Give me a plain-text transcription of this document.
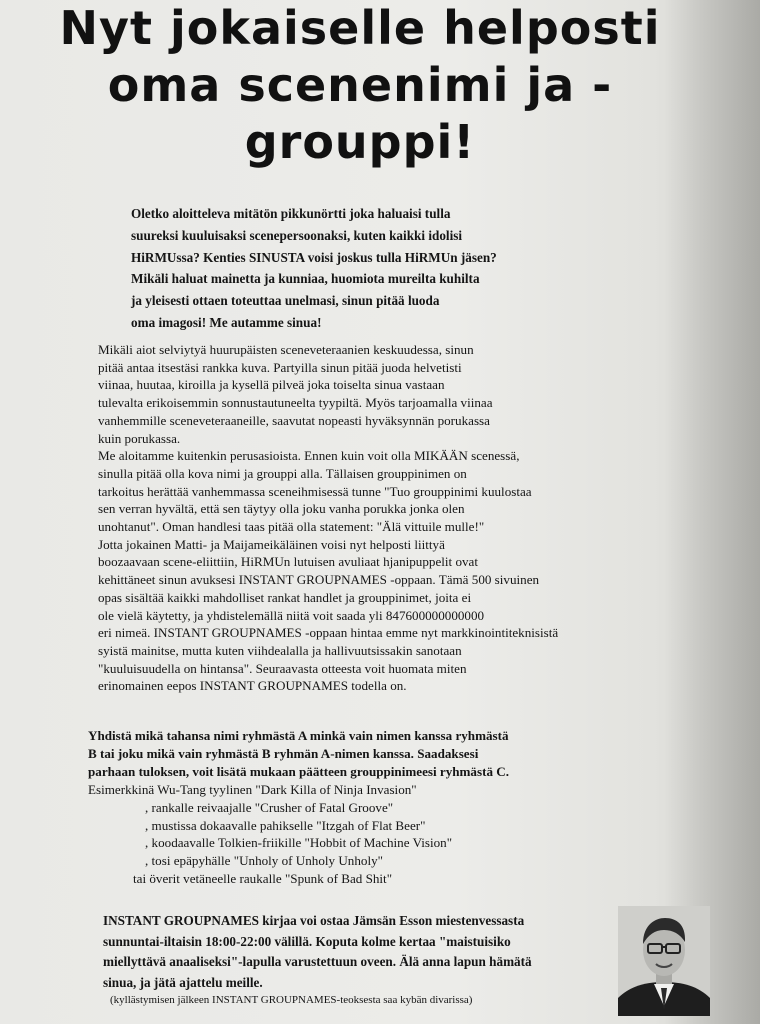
Nyt jokaiselle helposti
oma scenenimi ja -
grouppi!
Oletko aloitteleva mitätön pikkunörtti joka haluaisi tulla
suureksi kuuluisaksi scenepersoonaksi, kuten kaikki idolisi
HiRMUssa? Kenties SINUSTA voisi joskus tulla HiRMUn jäsen?
Mikäli haluat mainetta ja kunniaa, huomiota mureilta kuhilta
ja yleisesti ottaen toteuttaa unelmasi, sinun pitää luoda
oma imagosi! Me autamme sinua!

Mikäli aiot selviytyä huurupäisten sceneveteraanien keskuudessa, sinun
pitää antaa itsestäsi rankka kuva. Partyilla sinun pitää juoda helvetisti
viinaa, huutaa, kiroilla ja kysellä pilveä joka toiselta sinua vastaan
tulevalta erikoisemmin sonnustautuneelta tyypiltä. Myös tarjoamalla viinaa
vanhemmille sceneveteraaneille, saavutat nopeasti hyväksynnän porukassa
kuin porukassa.

Me aloitamme kuitenkin perusasioista. Ennen kuin voit olla MIKÄÄN scenessä,
sinulla pitää olla kova nimi ja grouppi alla. Tällaisen grouppinimen on
tarkoitus herättää vanhemmassa sceneihmisessä tunne "Tuo grouppinimi kuulostaa
sen verran hyvältä, että sen täytyy olla joku vanha porukka jonka olen
unohtanut". Oman handlesi taas pitää olla statement: "Älä vittuile mulle!"

Jotta jokainen Matti- ja Maijameikäläinen voisi nyt helposti liittyä
boozaavaan scene-eliittiin, HiRMUn lutuisen avuliaat hjanipuppelit ovat
kehittäneet sinun avuksesi INSTANT GROUPNAMES -oppaan. Tämä 500 sivuinen
opas sisältää kaikki mahdolliset rankat handlet ja grouppinimet, joita ei
ole vielä käytetty, ja yhdistelemällä niitä voit saada yli 847600000000000
eri nimeä. INSTANT GROUPNAMES -oppaan hintaa emme nyt markkinointiteknisistä
syistä mainitse, mutta kuten viihdealalla ja hallivuutsissakin sanotaan
"kuuluisuudella on hintansa". Seuraavasta otteesta voit huomata miten
erinomainen eepos INSTANT GROUPNAMES todella on.

Yhdistä mikä tahansa nimi ryhmästä A minkä vain nimen kanssa ryhmästä
B tai joku mikä vain ryhmästä B ryhmän A-nimen kanssa. Saadaksesi
parhaan tuloksen, voit lisätä mukaan päätteen grouppinimeesi ryhmästä C.
Esimerkkinä Wu-Tang tyylinen "Dark Killa of Ninja Invasion"
, rankalle reivaajalle "Crusher of Fatal Groove"
, mustissa dokaavalle pahikselle "Itzgah of Flat Beer"
, koodaavalle Tolkien-friikille "Hobbit of Machine Vision"
, tosi epäpyhälle "Unholy of Unholy Unholy"
tai överit vetäneelle raukalle "Spunk of Bad Shit"
INSTANT GROUPNAMES kirjaa voi ostaa Jämsän Esson miestenvessasta
sunnuntai-iltaisin 18:00-22:00 välillä. Koputa kolme kertaa "maistuisiko
miellyttävä anaaliseksi"-lapulla varustettuun oveen. Älä anna lapun hämätä
sinua, ja jätä ajattelu meille.
(kyllästymisen jälkeen INSTANT GROUPNAMES-teoksesta saa kybän divarissa)
